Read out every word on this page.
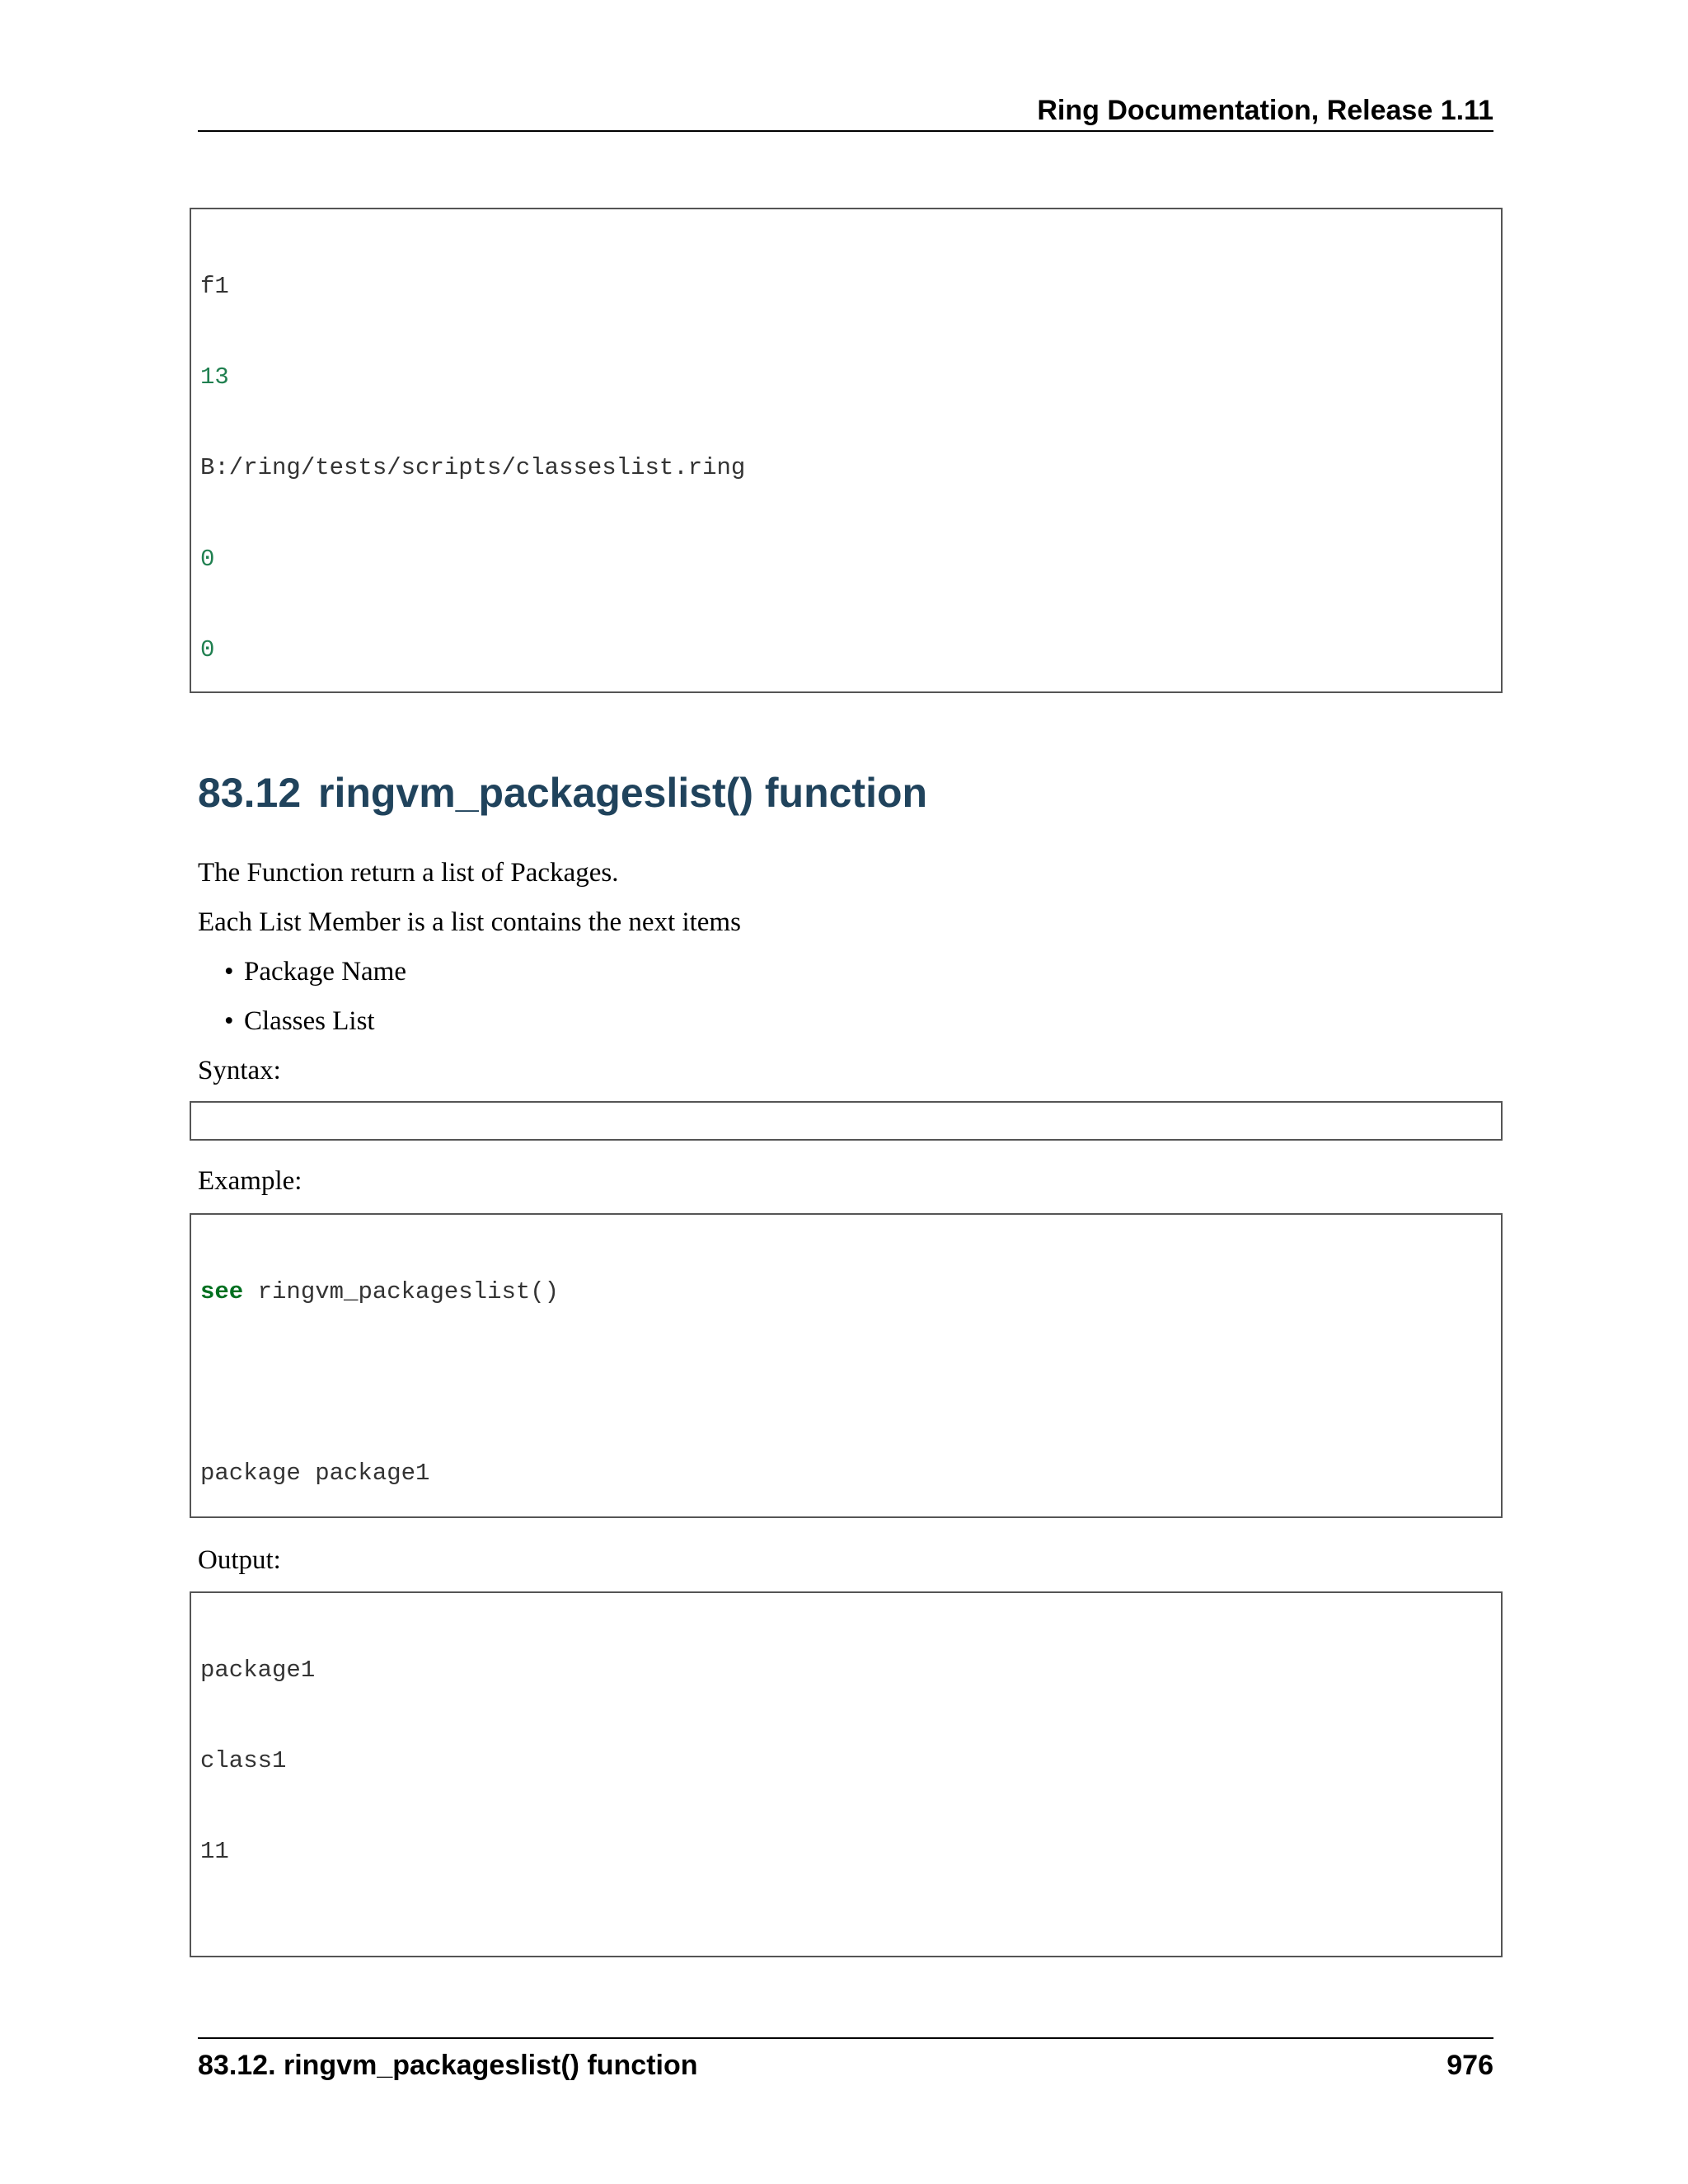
Ring Documentation, Release 1.11

f1

13

B:/ring/tests/scripts/classeslist.ring

0

0

83.12 ringvm_packageslist() function

The Function return a list of Packages.

Each List Member is a list contains the next items

• Package Name

• Classes List

Syntax:

Example:

see ringvm_packageslist()

package package1

Output:

package1

class1

11

83.12. ringvm_packageslist() function	976
